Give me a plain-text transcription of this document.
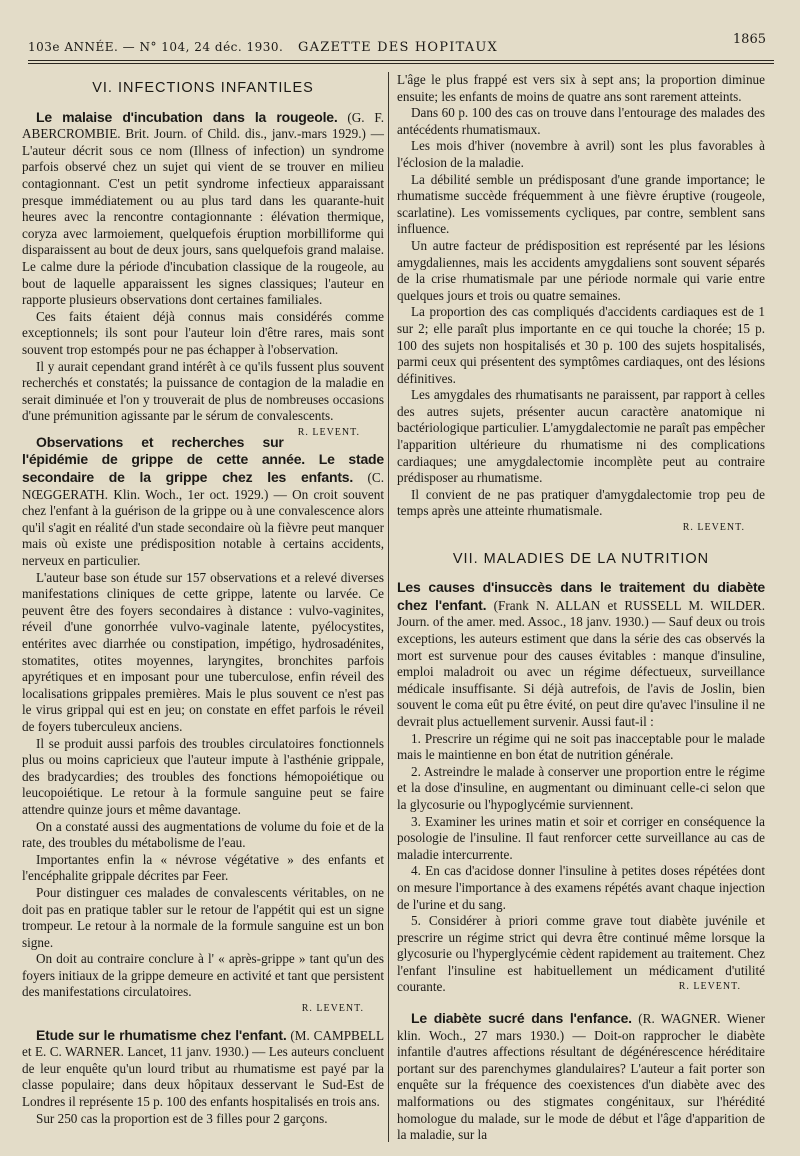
103e ANNÉE. — N° 104, 24 déc. 1930.	GAZETTE DES HOPITAUX
1865
VI. INFECTIONS INFANTILES

Le malaise d'incubation dans la rougeole. (G. F. ABERCROMBIE. Brit. Journ. of Child. dis., janv.-mars 1929.) — L'auteur décrit sous ce nom (Illness of infection) un syndrome parfois observé chez un sujet qui vient de se trouver en milieu contagionnant. C'est un petit syndrome infectieux apparaissant presque immédiatement ou au plus tard dans les quarante-huit heures avec la rencontre contagionnante : élévation thermique, coryza avec larmoiement, quelquefois éruption morbilliforme qui disparaissent au bout de deux jours, sans quelquefois grand malaise. Le calme dure la période d'incubation classique de la rougeole, au bout de laquelle apparaissent les signes classiques; l'auteur en rapporte plusieurs observations dont certaines familiales.

Ces faits étaient déjà connus mais considérés comme exceptionnels; ils sont pour l'auteur loin d'être rares, mais sont souvent trop estompés pour ne pas échapper à l'observation.

Il y aurait cependant grand intérêt à ce qu'ils fussent plus souvent recherchés et constatés; la puissance de contagion de la maladie en serait diminuée et l'on y trouverait de plus de nombreuses occasions d'une prémunition agissante par le sérum de convalescents.
R. LEVENT.

Observations et recherches sur l'épidémie de grippe de cette année. Le stade secondaire de la grippe chez les enfants. (C. NŒGGERATH. Klin. Woch., 1er oct. 1929.) — On croit souvent chez l'enfant à la guérison de la grippe ou à une convalescence alors qu'il s'agit en réalité d'un stade secondaire où la fièvre peut manquer mais où existe une prédisposition notable à certains accidents, nerveux en particulier.

L'auteur base son étude sur 157 observations et a relevé diverses manifestations cliniques de cette grippe, latente ou larvée. Ce peuvent être des foyers secondaires à distance : vulvo-vaginites, réveil d'une gonorrhée vulvo-vaginale latente, pyélocystites, entérites avec diarrhée ou constipation, impétigo, hydrosadénites, stomatites, otites moyennes, laryngites, bronchites parfois apyrétiques et en imposant pour une tuberculose, enfin réveil des localisations grippales premières. Mais le plus souvent ce n'est pas le virus grippal qui est en jeu; on constate en effet parfois le réveil de foyers tuberculeux anciens.

Il se produit aussi parfois des troubles circulatoires fonctionnels plus ou moins capricieux que l'auteur impute à l'asthénie grippale, des bradycardies; des troubles des fonctions hémopoiétique ou leucopoiétique. Le retour à la formule sanguine peut se faire attendre quinze jours et même davantage.

On a constaté aussi des augmentations de volume du foie et de la rate, des troubles du métabolisme de l'eau.

Importantes enfin la « névrose végétative » des enfants et l'encéphalite grippale décrites par Feer.

Pour distinguer ces malades de convalescents véritables, on ne doit pas en pratique tabler sur le retour de l'appétit qui est un signe trompeur. Le retour à la normale de la formule sanguine est un bon signe.

On doit au contraire conclure à l' « après-grippe » tant qu'un des foyers initiaux de la grippe demeure en activité et tant que persistent des manifestations circulatoires.

R. LEVENT.

Etude sur le rhumatisme chez l'enfant. (M. CAMPBELL et E. C. WARNER. Lancet, 11 janv. 1930.) — Les auteurs concluent de leur enquête qu'un lourd tribut au rhumatisme est payé par la classe populaire; dans deux hôpitaux desservant le Sud-Est de Londres il représente 15 p. 100 des enfants hospitalisés en trois ans.

Sur 250 cas la proportion est de 3 filles pour 2 garçons.

L'âge le plus frappé est vers six à sept ans; la proportion diminue ensuite; les enfants de moins de quatre ans sont rarement atteints.

Dans 60 p. 100 des cas on trouve dans l'entourage des malades des antécédents rhumatismaux.

Les mois d'hiver (novembre à avril) sont les plus favorables à l'éclosion de la maladie.

La débilité semble un prédisposant d'une grande importance; le rhumatisme succède fréquemment à une fièvre éruptive (rougeole, scarlatine). Les vomissements cycliques, par contre, semblent sans influence.

Un autre facteur de prédisposition est représenté par les lésions amygdaliennes, mais les accidents amygdaliens sont souvent séparés de la crise rhumatismale par une période normale qui varie entre quelques jours et trois ou quatre semaines.

La proportion des cas compliqués d'accidents cardiaques est de 1 sur 2; elle paraît plus importante en ce qui touche la chorée; 15 p. 100 des sujets non hospitalisés et 30 p. 100 des sujets hospitalisés, parmi ceux qui présentent des symptômes cardiaques, ont des lésions définitives.

Les amygdales des rhumatisants ne paraissent, par rapport à celles des autres sujets, présenter aucun caractère anatomique ni bactériologique particulier. L'amygdalectomie ne paraît pas empêcher l'apparition ultérieure du rhumatisme ni des complications cardiaques; une amygdalectomie incomplète peut au contraire prédisposer au rhumatisme.

Il convient de ne pas pratiquer d'amygdalectomie trop peu de temps après une atteinte rhumatismale.

R. LEVENT.
VII. MALADIES DE LA NUTRITION

Les causes d'insuccès dans le traitement du diabète chez l'enfant. (Frank N. ALLAN et RUSSELL M. WILDER. Journ. of the amer. med. Assoc., 18 janv. 1930.) — Sauf deux ou trois exceptions, les auteurs estiment que dans la série des cas observés la mort est survenue pour des causes évitables : manque d'insuline, emploi maladroit ou avec un régime défectueux, surveillance médicale insuffisante. Si déjà autrefois, de l'avis de Joslin, bien souvent le coma eût pu être évité, on peut dire qu'avec l'insuline il ne devrait plus actuellement survenir. Aussi faut-il :

1. Prescrire un régime qui ne soit pas inacceptable pour le malade mais le maintienne en bon état de nutrition générale.

2. Astreindre le malade à conserver une proportion entre le régime et la dose d'insuline, en augmentant ou diminuant celle-ci selon que la glycosurie ou l'hypoglycémie surviennent.

3. Examiner les urines matin et soir et corriger en conséquence la posologie de l'insuline. Il faut renforcer cette surveillance au cas de maladie intercurrente.

4. En cas d'acidose donner l'insuline à petites doses répétées dont on mesure l'importance à des examens répétés avant chaque injection de l'urine et du sang.

5. Considérer à priori comme grave tout diabète juvénile et prescrire un régime strict qui devra être continué même lorsque la glycosurie ou l'hyperglycémie cèdent rapidement au traitement. Chez l'enfant l'insuline est habituellement un médicament d'utilité courante.	R. LEVENT.

Le diabète sucré dans l'enfance. (R. WAGNER. Wiener klin. Woch., 27 mars 1930.) — Doit-on rapprocher le diabète infantile d'autres affections résultant de dégénérescence héréditaire portant sur des parenchymes glandulaires? L'auteur a fait porter son enquête sur la fréquence des coexistences d'un diabète avec des malformations ou des stigmates congénitaux, sur l'hérédité homologue du malade, sur le mode de début et l'âge d'apparition de la maladie, sur la
